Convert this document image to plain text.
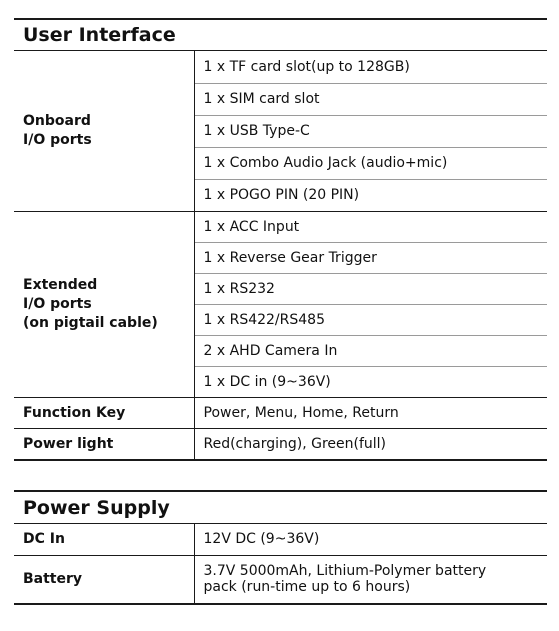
User Interface
Onboard
I/O ports	1 x TF card slot(up to 128GB)
	1 x SIM card slot
	1 x USB Type-C
	1 x Combo Audio Jack (audio+mic)
	1 x POGO PIN (20 PIN)

Extended
I/O ports
(on pigtail cable)	1 x ACC Input
	1 x Reverse Gear Trigger
	1 x RS232
	1 x RS422/RS485
	2 x AHD Camera In
	1 x DC in (9~36V)
Function Key	Power, Menu, Home, Return
Power light	Red(charging), Green(full)
Power Supply
DC In	12V DC (9~36V)
Battery	3.7V 5000mAh, Lithium-Polymer battery
pack (run-time up to 6 hours)
